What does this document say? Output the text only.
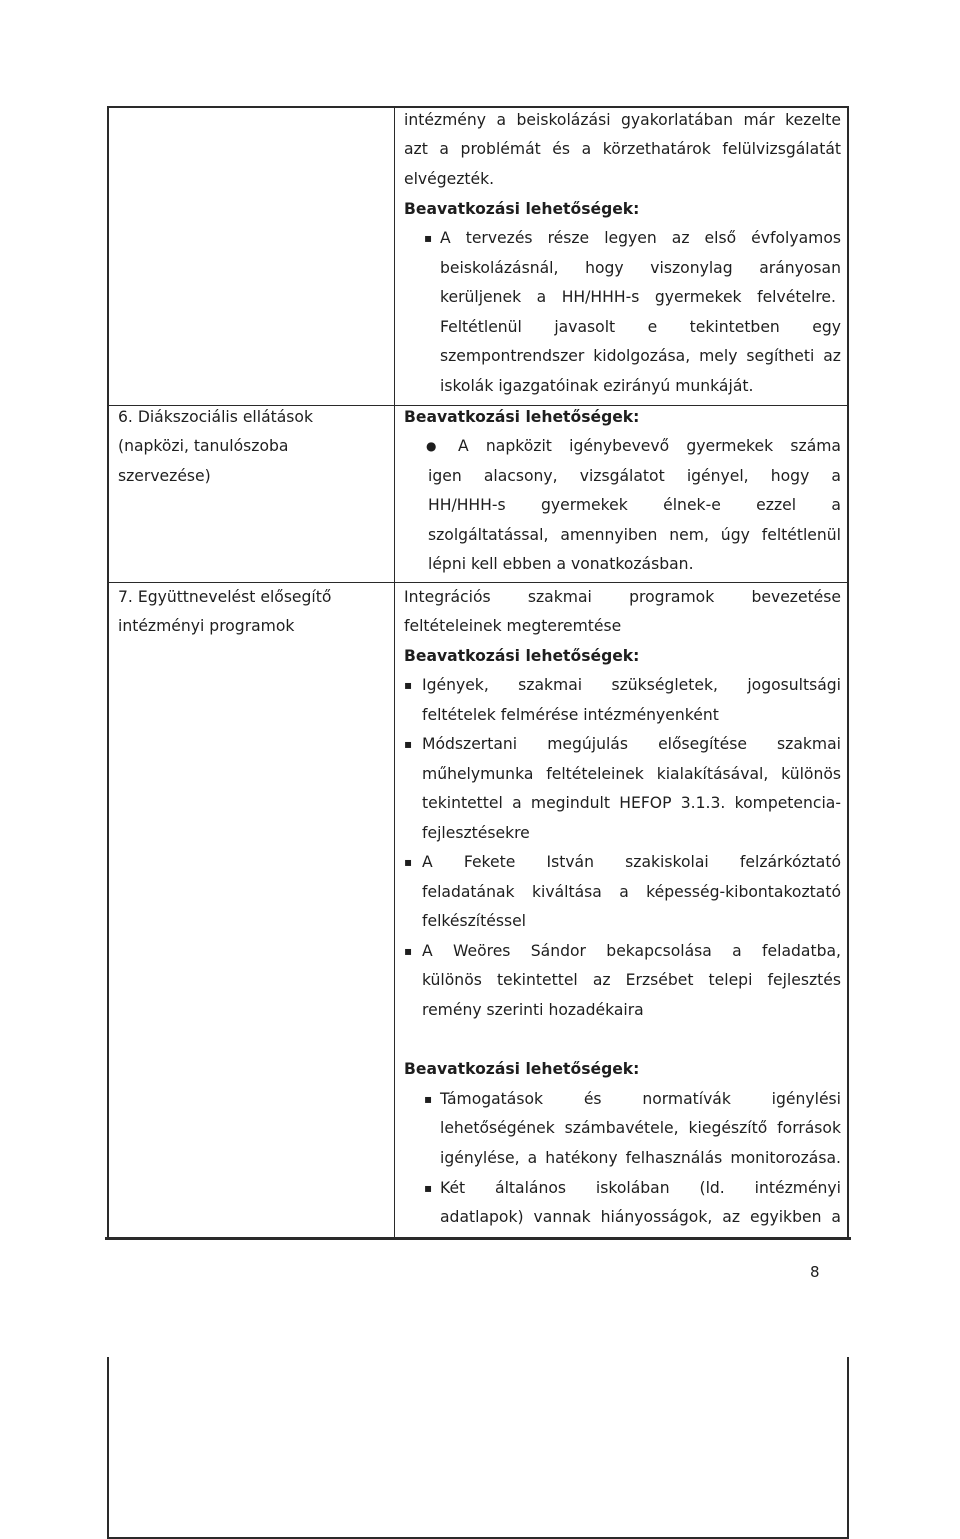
6. Diákszociális ellátások
(napközi, tanulószoba
szervezése)
7. Együttnevelést elősegítő
intézményi programok
intézmény a beiskolázási gyakorlatában már kezelte
azt a problémát és a körzethatárok felülvizsgálatát
elvégezték.
Beavatkozási lehetőségek:
▪ A tervezés része legyen az első évfolyamos
beiskolázásnál, hogy viszonylag arányosan
kerüljenek a HH/HHH-s gyermekek felvételre.
Feltétlenül javasolt e tekintetben egy
szempontrendszer kidolgozása, mely segítheti az
iskolák igazgatóinak ezirányú munkáját.
Beavatkozási lehetőségek:
● A napközit igénybevevő gyermekek száma
igen alacsony, vizsgálatot igényel, hogy a
HH/HHH-s gyermekek élnek-e ezzel a
szolgáltatással, amennyiben nem, úgy feltétlenül
lépni kell ebben a vonatkozásban.
Integrációs szakmai programok bevezetése
feltételeinek megteremtése
Beavatkozási lehetőségek:
▪ Igények, szakmai szükségletek, jogosultsági
feltételek felmérése intézményenként
▪ Módszertani megújulás elősegítése szakmai
műhelymunka feltételeinek kialakításával, különös
tekintettel a megindult HEFOP 3.1.3. kompetencia-
fejlesztésekre
▪ A Fekete István szakiskolai felzárkóztató
feladatának kiváltása a képesség-kibontakoztató
felkészítéssel
▪ A Weöres Sándor bekapcsolása a feladatba,
különös tekintettel az Erzsébet telepi fejlesztés
remény szerinti hozadékaira
Beavatkozási lehetőségek:
▪ Támogatások és normatívák igénylési
lehetőségének számbavétele, kiegészítő források
igénylése, a hatékony felhasználás monitorozása.
▪ Két általános iskolában (ld. intézményi
adatlapok) vannak hiányosságok, az egyikben a
8
